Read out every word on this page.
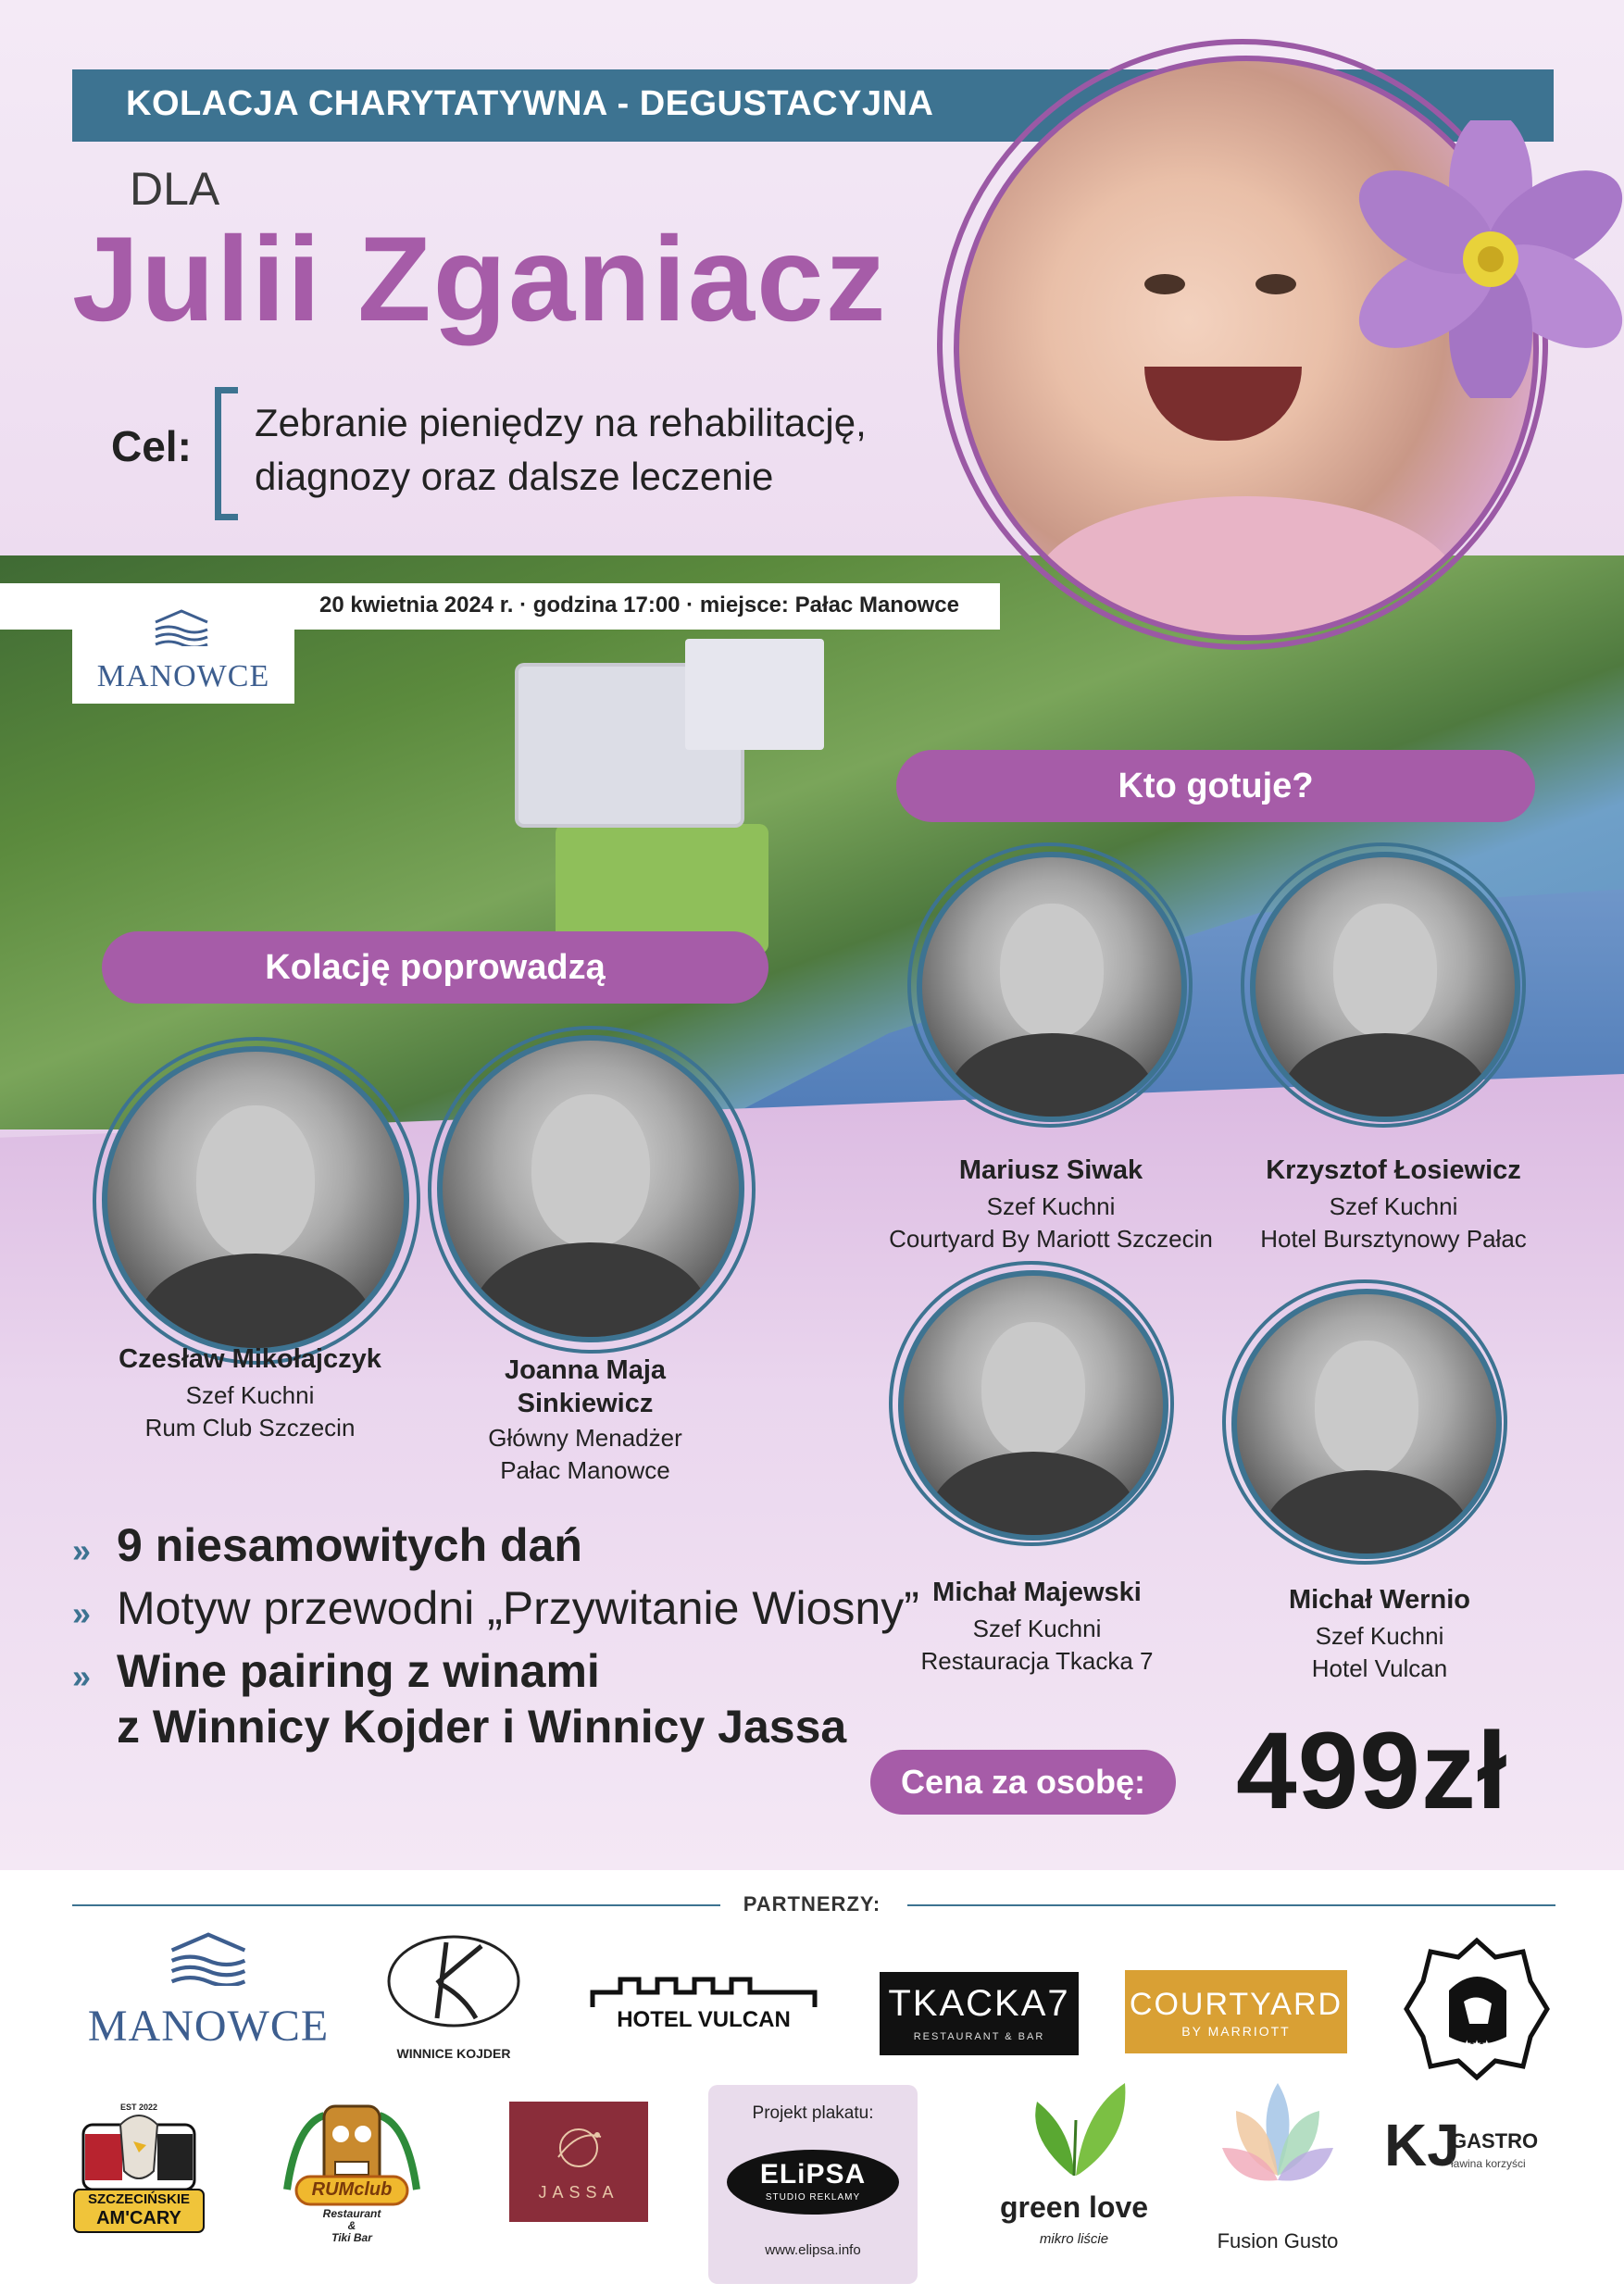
KOLACJA CHARYTATYWNA - DEGUSTACYJNA
DLA
Julii Zganiacz
Cel: Zebranie pieniędzy na rehabilitację,
diagnozy oraz dalsze leczenie
20 kwietnia 2024 r. · godzina 17:00 · miejsce: Pałac Manowce
MANOWCE
Kto gotuje?
Kolację poprowadzą
Czesław Mikołajczyk
Szef Kuchni
Rum Club Szczecin
Joanna Maja
Sinkiewicz
Główny Menadżer
Pałac Manowce
Mariusz Siwak
Szef Kuchni
Courtyard By Mariott Szczecin
Krzysztof Łosiewicz
Szef Kuchni
Hotel Bursztynowy Pałac
Michał Majewski
Szef Kuchni
Restauracja Tkacka 7
Michał Wernio
Szef Kuchni
Hotel Vulcan
» 9 niesamowitych dań
» Motyw przewodni „Przywitanie Wiosny”
» Wine pairing z winami
z Winnicy Kojder i Winnicy Jassa
Cena za osobę: 499zł
PARTNERZY:
MANOWCE
WINNICE KOJDER
HOTEL VULCAN	TKACKA7
RESTAURANT & BAR
COURTYARD
BY MARRIOTT
★★★
EST 2022
SZCZECIŃSKIE
AM'CARY
RUMclub
Restaurant
&
Tiki Bar
JASSA
Projekt plakatu:
ELiPSA
STUDIO REKLAMY
www.elipsa.info
green love
mikro liście	Fusion Gusto
KJ
GASTRO
ławina korzyści
